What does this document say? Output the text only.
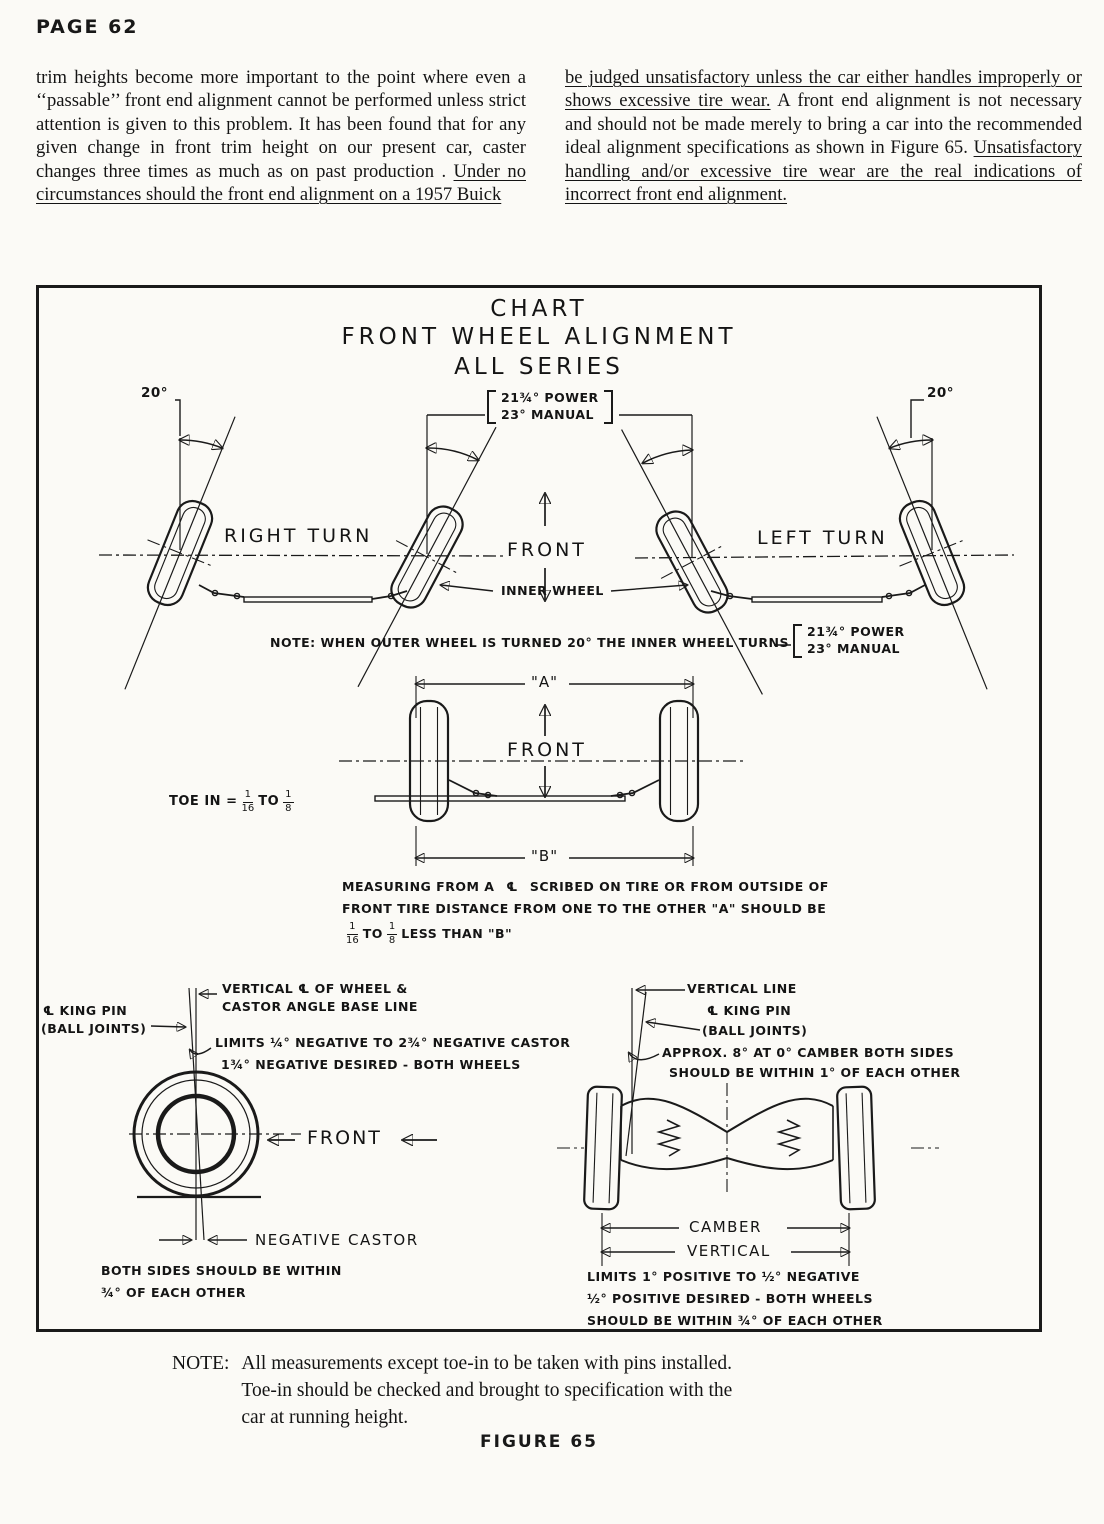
PAGE 62
trim heights become more important to the point where even a ‘‘passable’’ front end alignment cannot be performed unless strict attention is given to this problem. It has been found that for any given change in front trim height on our present car, caster changes three times as much as on past production . Under no circumstances should the front end alignment on a 1957 Buick
be judged unsatisfactory unless the car either handles improperly or shows excessive tire wear. A front end alignment is not necessary and should not be made merely to bring a car into the recommended ideal alignment specifications as shown in Figure 65. Unsatisfactory handling and/or excessive tire wear are the real indications of incorrect front end alignment.
CHART
FRONT WHEEL ALIGNMENT
ALL SERIES
20°	20°
21¾° POWER
23° MANUAL
RIGHT TURN
FRONT
LEFT TURN
INNER WHEEL
NOTE: WHEN OUTER WHEEL IS TURNED 20° THE INNER WHEEL TURNS
21¾° POWER
23° MANUAL
"A"
FRONT
"B"
TOE IN = $\frac{1}{16}$ TO $\frac{1}{8}$
MEASURING FROM A ℄ SCRIBED ON TIRE OR FROM OUTSIDE OF
FRONT TIRE DISTANCE FROM ONE TO THE OTHER "A" SHOULD BE
$\frac{1}{16}$ TO $\frac{1}{8}$ LESS THAN "B"
VERTICAL ℄ OF WHEEL &
CASTOR ANGLE BASE LINE
℄ KING PIN
(BALL JOINTS)
LIMITS ¼° NEGATIVE TO 2¾° NEGATIVE CASTOR
1¾° NEGATIVE DESIRED - BOTH WHEELS
FRONT
NEGATIVE CASTOR
BOTH SIDES SHOULD BE WITHIN
¾° OF EACH OTHER
VERTICAL LINE
℄ KING PIN
(BALL JOINTS)
APPROX. 8° AT 0° CAMBER BOTH SIDES
SHOULD BE WITHIN 1° OF EACH OTHER
CAMBER
VERTICAL
LIMITS 1° POSITIVE TO ½° NEGATIVE
½° POSITIVE DESIRED - BOTH WHEELS
SHOULD BE WITHIN ¾° OF EACH OTHER
NOTE: All measurements except toe-in to be taken with pins installed.
Toe-in should be checked and brought to specification with the
car at running height.
FIGURE 65
